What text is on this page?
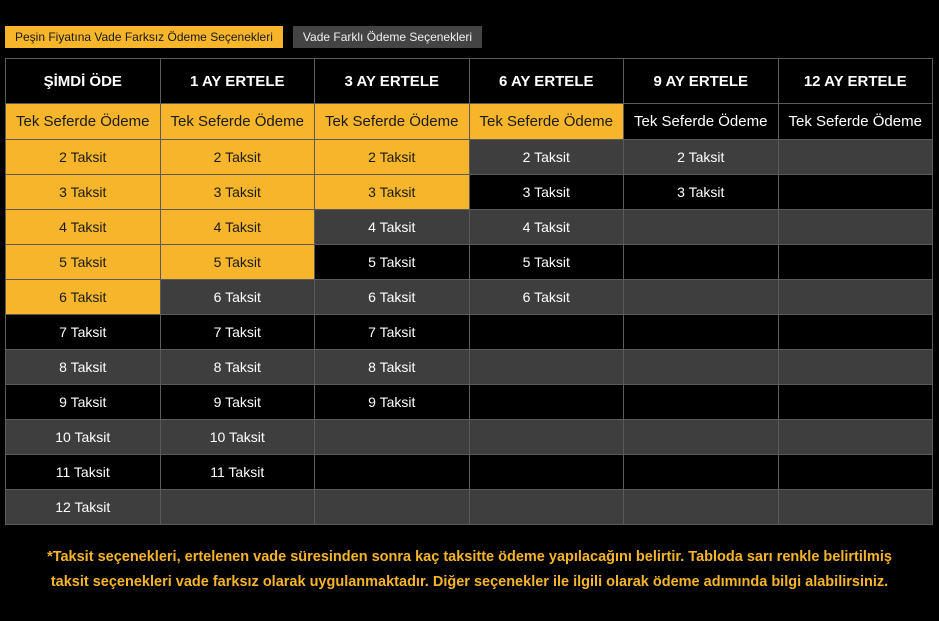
Peşin Fiyatına Vade Farksız Ödeme Seçenekleri	Vade Farklı Ödeme Seçenekleri
ŞİMDİ ÖDE	1 AY ERTELE	3 AY ERTELE	6 AY ERTELE	9 AY ERTELE	12 AY ERTELE
Tek Seferde Ödeme	Tek Seferde Ödeme	Tek Seferde Ödeme	Tek Seferde Ödeme	Tek Seferde Ödeme	Tek Seferde Ödeme
2 Taksit	2 Taksit	2 Taksit	2 Taksit	2 Taksit	
3 Taksit	3 Taksit	3 Taksit	3 Taksit	3 Taksit	
4 Taksit	4 Taksit	4 Taksit	4 Taksit		
5 Taksit	5 Taksit	5 Taksit	5 Taksit		
6 Taksit	6 Taksit	6 Taksit	6 Taksit		
7 Taksit	7 Taksit	7 Taksit			
8 Taksit	8 Taksit	8 Taksit			
9 Taksit	9 Taksit	9 Taksit			
10 Taksit	10 Taksit				
11 Taksit	11 Taksit				
12 Taksit					
*Taksit seçenekleri, ertelenen vade süresinden sonra kaç taksitte ödeme yapılacağını belirtir. Tabloda sarı renkle belirtilmiş
taksit seçenekleri vade farksız olarak uygulanmaktadır. Diğer seçenekler ile ilgili olarak ödeme adımında bilgi alabilirsiniz.
